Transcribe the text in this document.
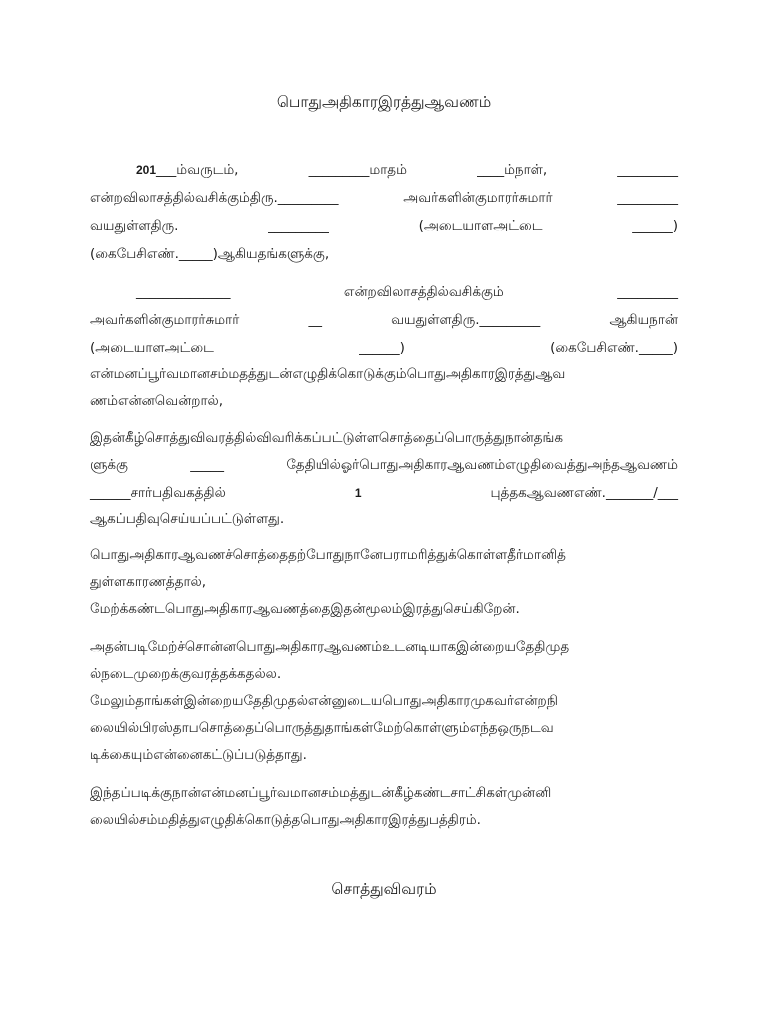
பொதுஅதிகாரஇரத்துஆவணம்
201___ம்வருடம்,	_________மாதம்	____ம்நாள்,	_________
என்றவிலாசத்தில்வசிக்கும்திரு._________	அவர்களின்குமாரர்சுமார்	_________
வயதுள்ளதிரு.	_________	(அடையாளஅட்டை	______)
(கைபேசிஎண்._____)ஆகியதங்களுக்கு,
______________	என்றவிலாசத்தில்வசிக்கும்	_________
அவர்களின்குமாரர்சுமார்	__	வயதுள்ளதிரு._________	ஆகியநான்
(அடையாளஅட்டை	______)	(கைபேசிஎண்._____)
என்மனப்பூர்வமானசம்மதத்துடன்எழுதிக்கொடுக்கும்பொதுஅதிகாரஇரத்துஆவ
ணம்என்னவென்றால்,
இதன்கீழ்சொத்துவிவரத்தில்விவரிக்கப்பட்டுள்ளசொத்தைப்பொருத்துநான்தங்க
ளுக்கு	_____	தேதியில்ஓர்பொதுஅதிகாரஆவணம்எழுதிவைத்துஅந்தஆவணம்
______சார்பதிவகத்தில்	1	புத்தகஆவணஎண்._______/___
ஆகப்பதிவுசெய்யப்பட்டுள்ளது.
பொதுஅதிகாரஆவணச்சொத்தைதற்போதுநானேபராமரித்துக்கொள்ளதீர்மானித்
துள்ளகாரணத்தால்,
மேற்க்கண்டபொதுஅதிகாரஆவணத்தைஇதன்மூலம்இரத்துசெய்கிறேன்.
அதன்படிமேற்ச்சொன்னபொதுஅதிகாரஆவணம்உடனடியாகஇன்றையதேதிமுத
ல்நடைமுறைக்குவரத்தக்கதல்ல.
மேலும்தாங்கள்இன்றையதேதிமுதல்என்னுடையபொதுஅதிகாரமுகவர்என்றநி
லையில்பிரஸ்தாபசொத்தைப்பொருத்துதாங்கள்மேற்கொள்ளும்எந்தஒருநடவ
டிக்கையும்என்னைகட்டுப்படுத்தாது.
இந்தப்படிக்குநான்என்மனப்பூர்வமானசம்மத்துடன்கீழ்கண்டசாட்சிகள்முன்னி
லையில்சம்மதித்துஎழுதிக்கொடுத்தபொதுஅதிகாரஇரத்துபத்திரம்.
சொத்துவிவரம்
